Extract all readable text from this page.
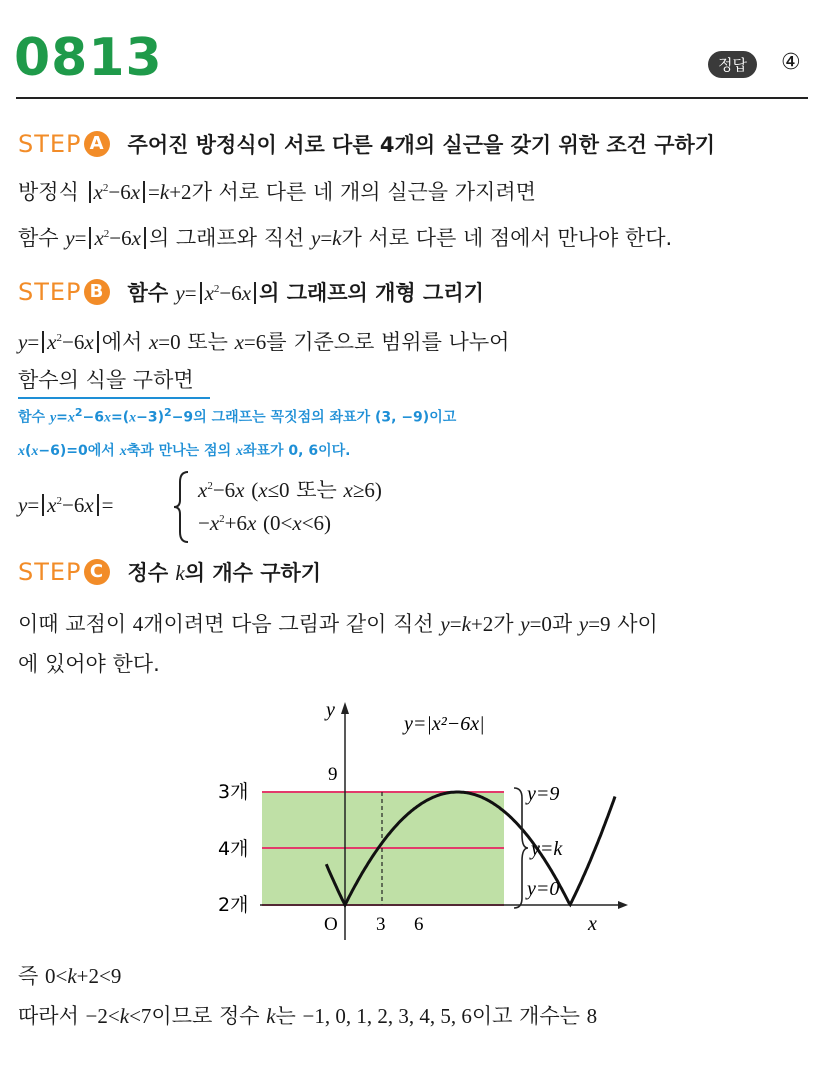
0813	정답	④
STEP A 주어진 방정식이 서로 다른 4개의 실근을 갖기 위한 조건 구하기
방정식 $x^2-6x =k+2$가 서로 다른 네 개의 실근을 가지려면
함수 $y= x^2-6x$ 의 그래프와 직선 y=k가 서로 다른 네 점에서 만나야 한다.
STEP B 함수 $y= x^2-6x$ 의 그래프의 개형 그리기
$y= x^2-6x$ 에서 x=0 또는 x=6를 기준으로 범위를 나누어
함수의 식을 구하면
함수 $y=x^2-6x=(x-3)^2-9$의 그래프는 꼭짓점의 좌표가 (3, −9)이고
x(x−6)=0에서 x축과 만나는 점의 x좌표가 0, 6이다.
$y= x^2-6x$ =
$x^2-6x$ (x≤0 또는 x≥6)
$-x^2+6x$ (0<x<6)
STEP C	정수 k의 개수 구하기
이때 교점이 4개이려면 다음 그림과 같이 직선 y=k+2가 y=0과 y=9 사이
에 있어야 한다.
y
x
O 3 6
9
y=|x²−6x|
3개
4개
2개
y=9
y=k
y=0
즉 0<k+2<9
따라서 −2<k<7이므로 정수 k는 −1, 0, 1, 2, 3, 4, 5, 6이고 개수는 8
